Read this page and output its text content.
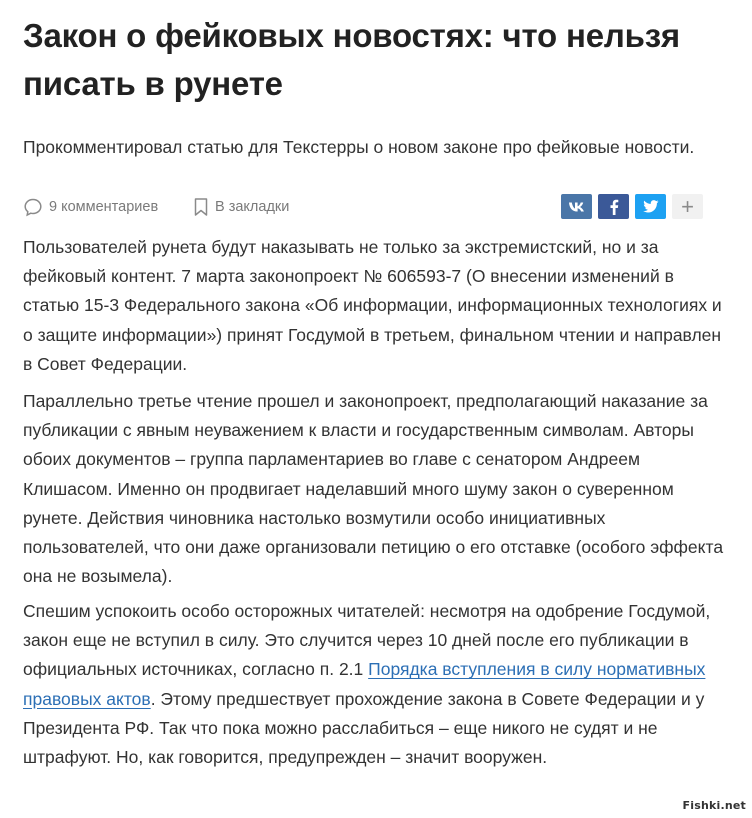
Закон о фейковых новостях: что нельзя писать в рунете

Прокомментировал статью для Текстерры о новом законе про фейковые новости.

9 комментариев	В закладки	+

Пользователей рунета будут наказывать не только за экстремистский, но и за фейковый контент. 7 марта законопроект № 606593-7 (О внесении изменений в статью 15-3 Федерального закона «Об информации, информационных технологиях и о защите информации») принят Госдумой в третьем, финальном чтении и направлен в Совет Федерации.

Параллельно третье чтение прошел и законопроект, предполагающий наказание за публикации с явным неуважением к власти и государственным символам. Авторы обоих документов – группа парламентариев во главе с сенатором Андреем Клишасом. Именно он продвигает наделавший много шуму закон о суверенном рунете. Действия чиновника настолько возмутили особо инициативных пользователей, что они даже организовали петицию о его отставке (особого эффекта она не возымела).

Спешим успокоить особо осторожных читателей: несмотря на одобрение Госдумой, закон еще не вступил в силу. Это случится через 10 дней после его публикации в официальных источниках, согласно п. 2.1 Порядка вступления в силу нормативных правовых актов. Этому предшествует прохождение закона в Совете Федерации и у Президента РФ. Так что пока можно расслабиться – еще никого не судят и не штрафуют. Но, как говорится, предупрежден – значит вооружен.

Fishki.net
